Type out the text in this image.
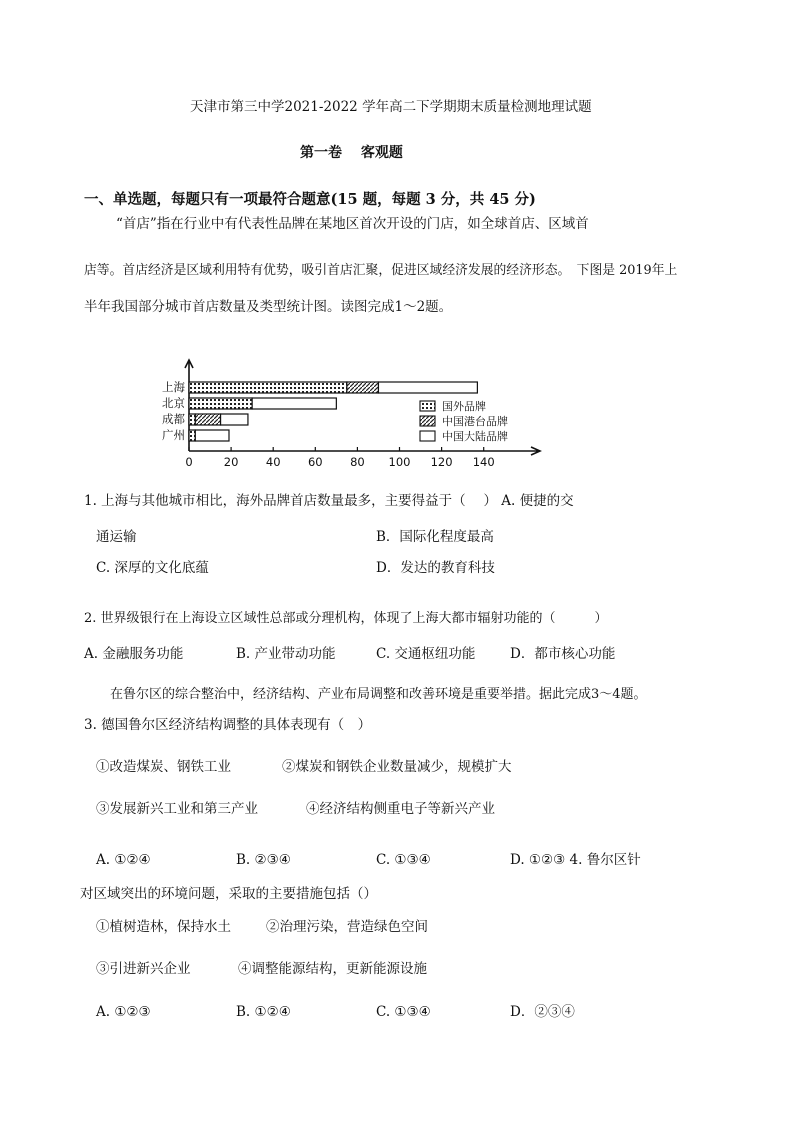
天津市第三中学2021-2022 学年高二下学期期末质量检测地理试题
第一卷　 客观题
一、单选题，每题只有一项最符合题意(15 题，每题 3 分，共 45 分)
“首店”指在行业中有代表性品牌在某地区首次开设的门店，如全球首店、区域首
店等。首店经济是区域利用特有优势，吸引首店汇聚，促进区域经济发展的经济形态。　下图是 2019年上
半年我国部分城市首店数量及类型统计图。读图完成1～2题。
0	20 40 60 80 100 120 140
上海
北京
成都
广州
国外品牌
中国港台品牌
中国大陆品牌
1. 上海与其他城市相比，海外品牌首店数量最多，主要得益于（　 ） A. 便捷的交
通运输	B．国际化程度最高
C. 深厚的文化底蕴	D．发达的教育科技
2. 世界级银行在上海设立区域性总部或分理机构，体现了上海大都市辐射功能的（　　　）
A. 金融服务功能	B. 产业带动功能	C. 交通枢纽功能	D．都市核心功能
在鲁尔区的综合整治中，经济结构、产业布局调整和改善环境是重要举措。据此完成3～4题。
3. 德国鲁尔区经济结构调整的具体表现有（　）
①改造煤炭、钢铁工业	②煤炭和钢铁企业数量减少，规模扩大
③发展新兴工业和第三产业	④经济结构侧重电子等新兴产业
A. ①②④	B. ②③④	C. ①③④	D. ①②③ 4. 鲁尔区针
对区域突出的环境问题，采取的主要措施包括（）
①植树造林，保持水土	②治理污染，营造绿色空间
③引进新兴企业	④调整能源结构，更新能源设施
A. ①②③	B. ①②④	C. ①③④	D．②③④
